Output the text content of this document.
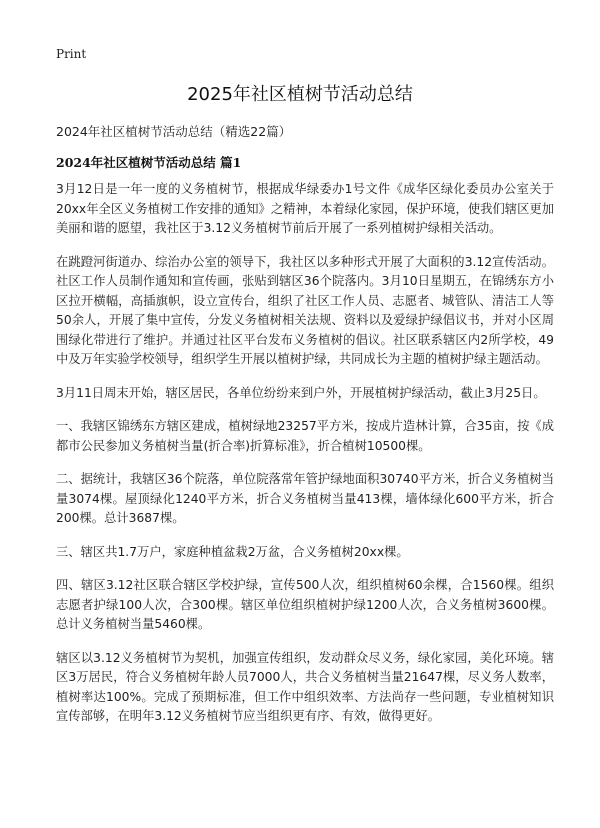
Print
2025年社区植树节活动总结

2024年社区植树节活动总结（精选22篇）

2024年社区植树节活动总结 篇1

3月12日是一年一度的义务植树节，根据成华绿委办1号文件《成华区绿化委员办公室关于20xx年全区义务植树工作安排的通知》之精神，本着绿化家园，保护环境，使我们辖区更加美丽和谐的愿望，我社区于3.12义务植树节前后开展了一系列植树护绿相关活动。

在跳蹬河街道办、综治办公室的领导下，我社区以多种形式开展了大面积的3.12宣传活动。社区工作人员制作通知和宣传画，张贴到辖区36个院落内。3月10日星期五，在锦绣东方小区拉开横幅，高插旗帜，设立宣传台，组织了社区工作人员、志愿者、城管队、清洁工人等50余人，开展了集中宣传，分发义务植树相关法规、资料以及爱绿护绿倡议书，并对小区周围绿化带进行了维护。并通过社区平台发布义务植树的倡议。社区联系辖区内2所学校，49中及万年实验学校领导，组织学生开展以植树护绿，共同成长为主题的植树护绿主题活动。

3月11日周末开始，辖区居民，各单位纷纷来到户外，开展植树护绿活动，截止3月25日。

一、我辖区锦绣东方辖区建成，植树绿地23257平方米，按成片造林计算，合35亩，按《成都市公民参加义务植树当量(折合率)折算标准》，折合植树10500棵。

二、据统计，我辖区36个院落，单位院落常年管护绿地面积30740平方米，折合义务植树当量3074棵。屋顶绿化1240平方米，折合义务植树当量413棵，墙体绿化600平方米，折合200棵。总计3687棵。

三、辖区共1.7万户，家庭种植盆栽2万盆，合义务植树20xx棵。

四、辖区3.12社区联合辖区学校护绿，宣传500人次，组织植树60余棵，合1560棵。组织志愿者护绿100人次，合300棵。辖区单位组织植树护绿1200人次，合义务植树3600棵。总计义务植树当量5460棵。

辖区以3.12义务植树节为契机，加强宣传组织，发动群众尽义务，绿化家园，美化环境。辖区3万居民，符合义务植树年龄人员7000人，共合义务植树当量21647棵，尽义务人数率，植树率达100%。完成了预期标准，但工作中组织效率、方法尚存一些问题，专业植树知识宣传部够，在明年3.12义务植树节应当组织更有序、有效，做得更好。
